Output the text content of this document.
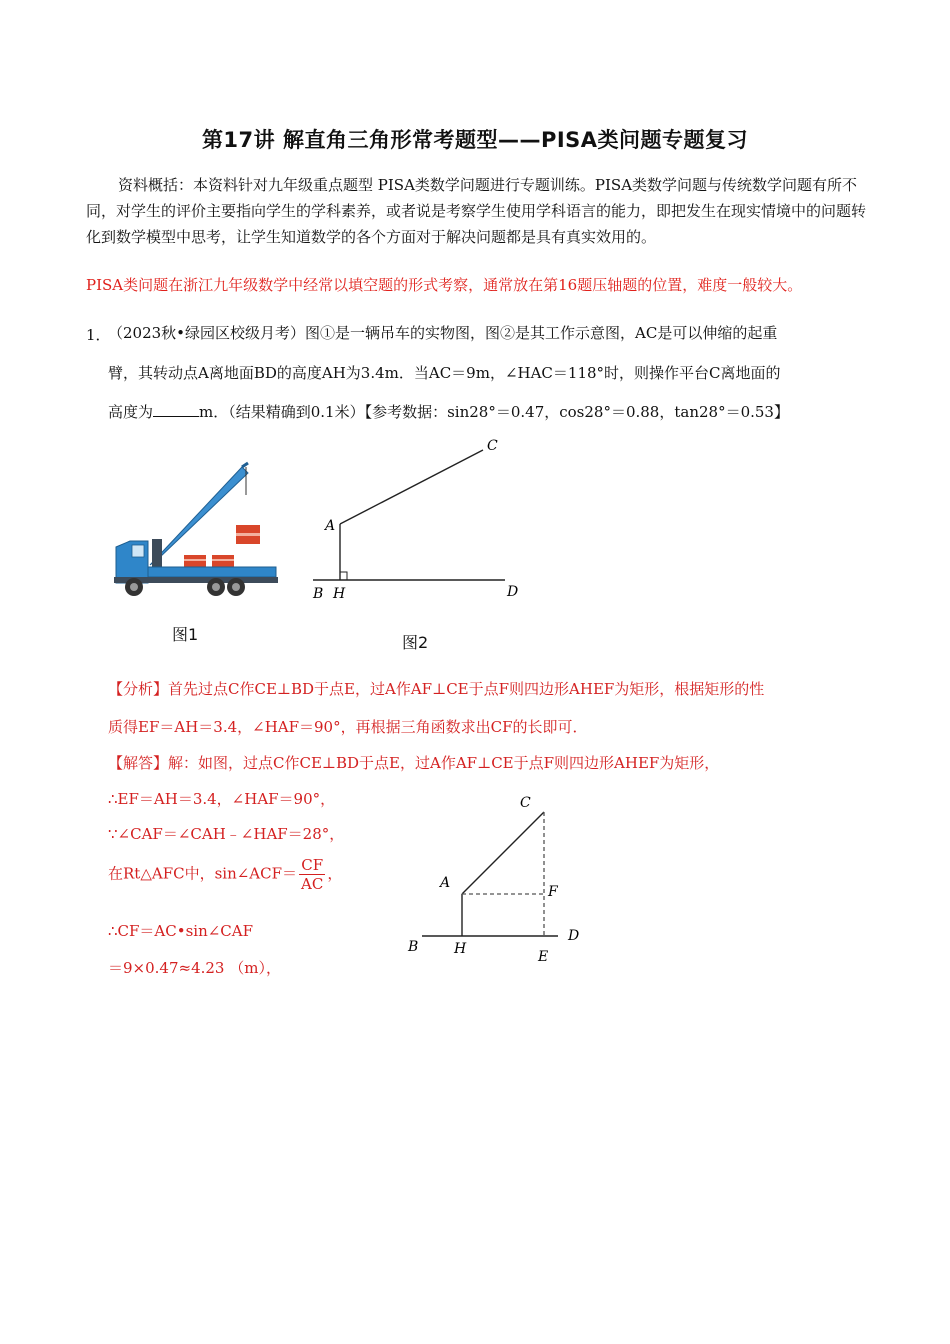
第17讲 解直角三角形常考题型——PISA类问题专题复习
资料概括：本资料针对九年级重点题型 PISA类数学问题进行专题训练。PISA类数学问题与传统数学问题有所不同，对学生的评价主要指向学生的学科素养，或者说是考察学生使用学科语言的能力，即把发生在现实情境中的问题转化到数学模型中思考，让学生知道数学的各个方面对于解决问题都是具有真实效用的。
PISA类问题在浙江九年级数学中经常以填空题的形式考察，通常放在第16题压轴题的位置，难度一般较大。
1．
（2023秋•绿园区校级月考）图①是一辆吊车的实物图，图②是其工作示意图，AC是可以伸缩的起重
臂，其转动点A离地面BD的高度AH为3.4m．当AC＝9m，∠HAC＝118°时，则操作平台C离地面的
高度为	m．（结果精确到0.1米）【参考数据：sin28°＝0.47，cos28°＝0.88，tan28°＝0.53】
图1
A
C
B H	D
图2
【分析】首先过点C作CE⊥BD于点E，过A作AF⊥CE于点F则四边形AHEF为矩形，根据矩形的性
质得EF＝AH＝3.4，∠HAF＝90°，再根据三角函数求出CF的长即可．
【解答】解：如图，过点C作CE⊥BD于点E，过A作AF⊥CE于点F则四边形AHEF为矩形，
∴EF＝AH＝3.4，∠HAF＝90°，
∵∠CAF＝∠CAH﹣∠HAF＝28°，
在Rt△AFC中，sin∠ACF＝ $\frac{CF}{AC}$ ，
∴CF＝AC•sin∠CAF
＝9×0.47≈4.23 （m），
C
A
F
B	H	E
D
